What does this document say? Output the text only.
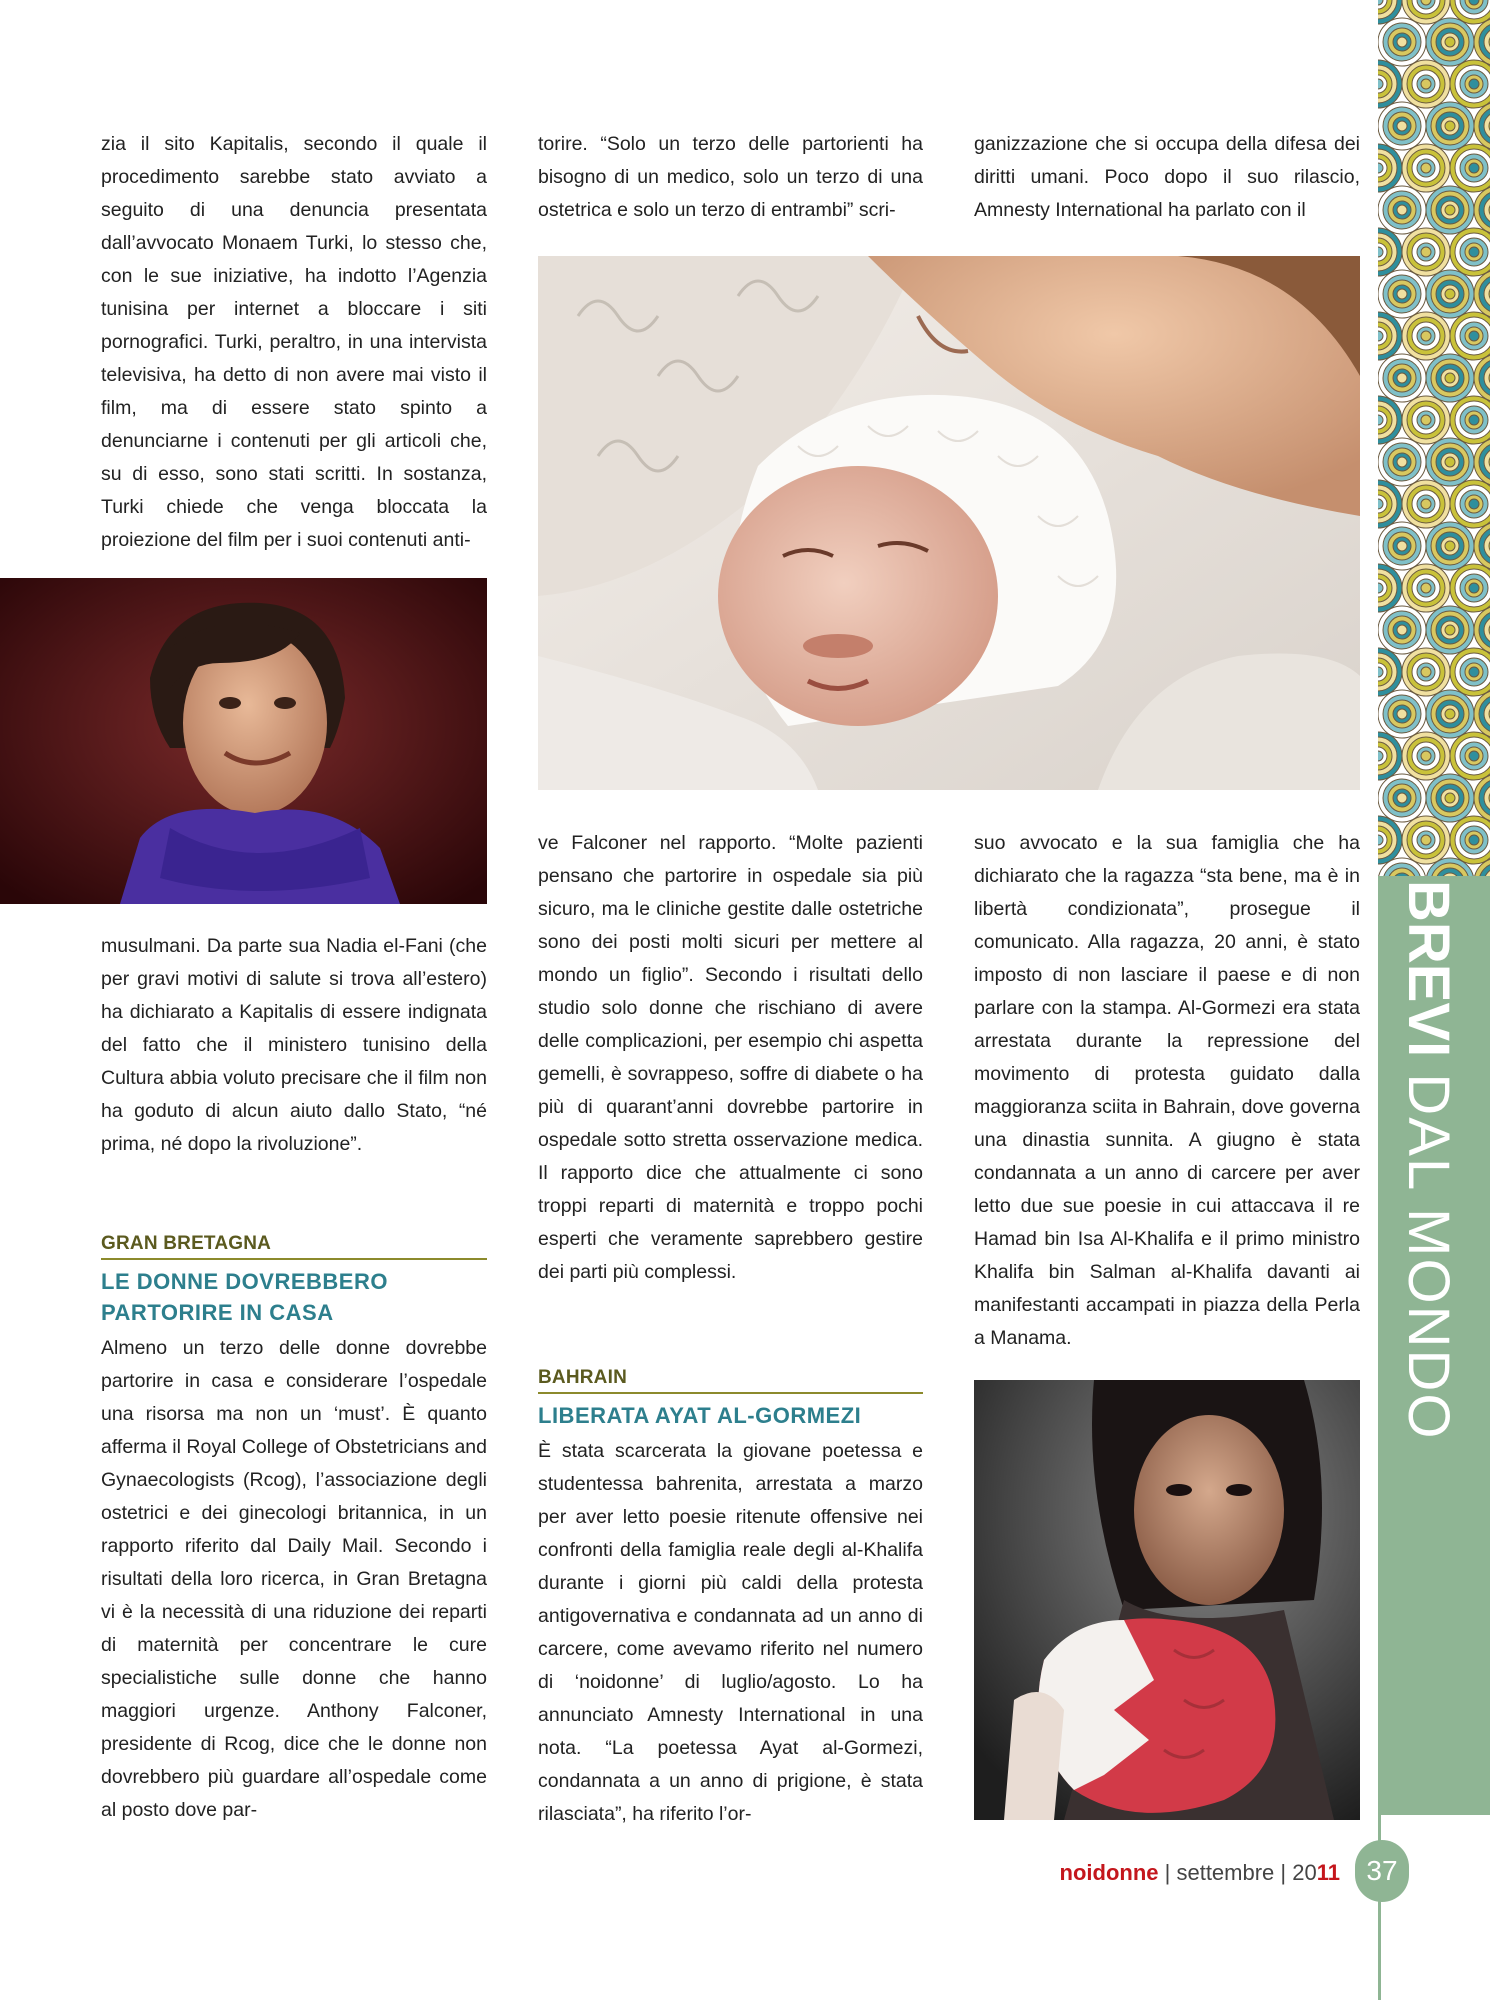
zia il sito Kapitalis, secondo il quale il procedimento sarebbe stato avviato a seguito di una denuncia presentata dall’avvocato Monaem Turki, lo stesso che, con le sue iniziative, ha indotto l’Agenzia tunisina per internet a bloccare i siti pornografici. Turki, peraltro, in una intervista televisiva, ha detto di non avere mai visto il film, ma di essere stato spinto a denunciarne i contenuti per gli articoli che, su di esso, sono stati scritti. In sostanza, Turki chiede che venga bloccata la proiezione del film per i suoi contenuti anti-

musulmani. Da parte sua Nadia el-Fani (che per gravi motivi di salute si trova all’estero) ha dichiarato a Kapitalis di essere indignata del fatto che il ministero tunisino della Cultura abbia voluto precisare che il film non ha goduto di alcun aiuto dallo Stato, “né prima, né dopo la rivoluzione”.

GRAN BRETAGNA
LE DONNE DOVREBBERO
PARTORIRE IN CASA

Almeno un terzo delle donne dovrebbe partorire in casa e considerare l’ospedale una risorsa ma non un ‘must’. È quanto afferma il Royal College of Obstetricians and Gynaecologists (Rcog), l’associazione degli ostetrici e dei ginecologi britannica, in un rapporto riferito dal Daily Mail. Secondo i risultati della loro ricerca, in Gran Bretagna vi è la necessità di una riduzione dei reparti di maternità per concentrare le cure specialistiche sulle donne che hanno maggiori urgenze. Anthony Falconer, presidente di Rcog, dice che le donne non dovrebbero più guardare all’ospedale come al posto dove par-

torire. “Solo un terzo delle partorienti ha bisogno di un medico, solo un terzo di una ostetrica e solo un terzo di entrambi” scri-

ve Falconer nel rapporto. “Molte pazienti pensano che partorire in ospedale sia più sicuro, ma le cliniche gestite dalle ostetriche sono dei posti molti sicuri per mettere al mondo un figlio”. Secondo i risultati dello studio solo donne che rischiano di avere delle complicazioni, per esempio chi aspetta gemelli, è sovrappeso, soffre di diabete o ha più di quarant’anni dovrebbe partorire in ospedale sotto stretta osservazione medica. Il rapporto dice che attualmente ci sono troppi reparti di maternità e troppo pochi esperti che veramente saprebbero gestire dei parti più complessi.

BAHRAIN
LIBERATA AYAT AL-GORMEZI

È stata scarcerata la giovane poetessa e studentessa bahrenita, arrestata a marzo per aver letto poesie ritenute offensive nei confronti della famiglia reale degli al-Khalifa durante i giorni più caldi della protesta antigovernativa e condannata ad un anno di carcere, come avevamo riferito nel numero di ‘noidonne’ di luglio/agosto. Lo ha annunciato Amnesty International in una nota. “La poetessa Ayat al-Gormezi, condannata a un anno di prigione, è stata rilasciata”, ha riferito l’or-

ganizzazione che si occupa della difesa dei diritti umani. Poco dopo il suo rilascio, Amnesty International ha parlato con il

suo avvocato e la sua famiglia che ha dichiarato che la ragazza “sta bene, ma è in libertà condizionata”, prosegue il comunicato. Alla ragazza, 20 anni, è stato imposto di non lasciare il paese e di non parlare con la stampa. Al-Gormezi era stata arrestata durante la repressione del movimento di protesta guidato dalla maggioranza sciita in Bahrain, dove governa una dinastia sunnita. A giugno è stata condannata a un anno di carcere per aver letto due sue poesie in cui attaccava il re Hamad bin Isa Al-Khalifa e il primo ministro Khalifa bin Salman al-Khalifa davanti ai manifestanti accampati in piazza della Perla a Manama.

BREVI DAL MONDO
noidonne | settembre | 2011 37
